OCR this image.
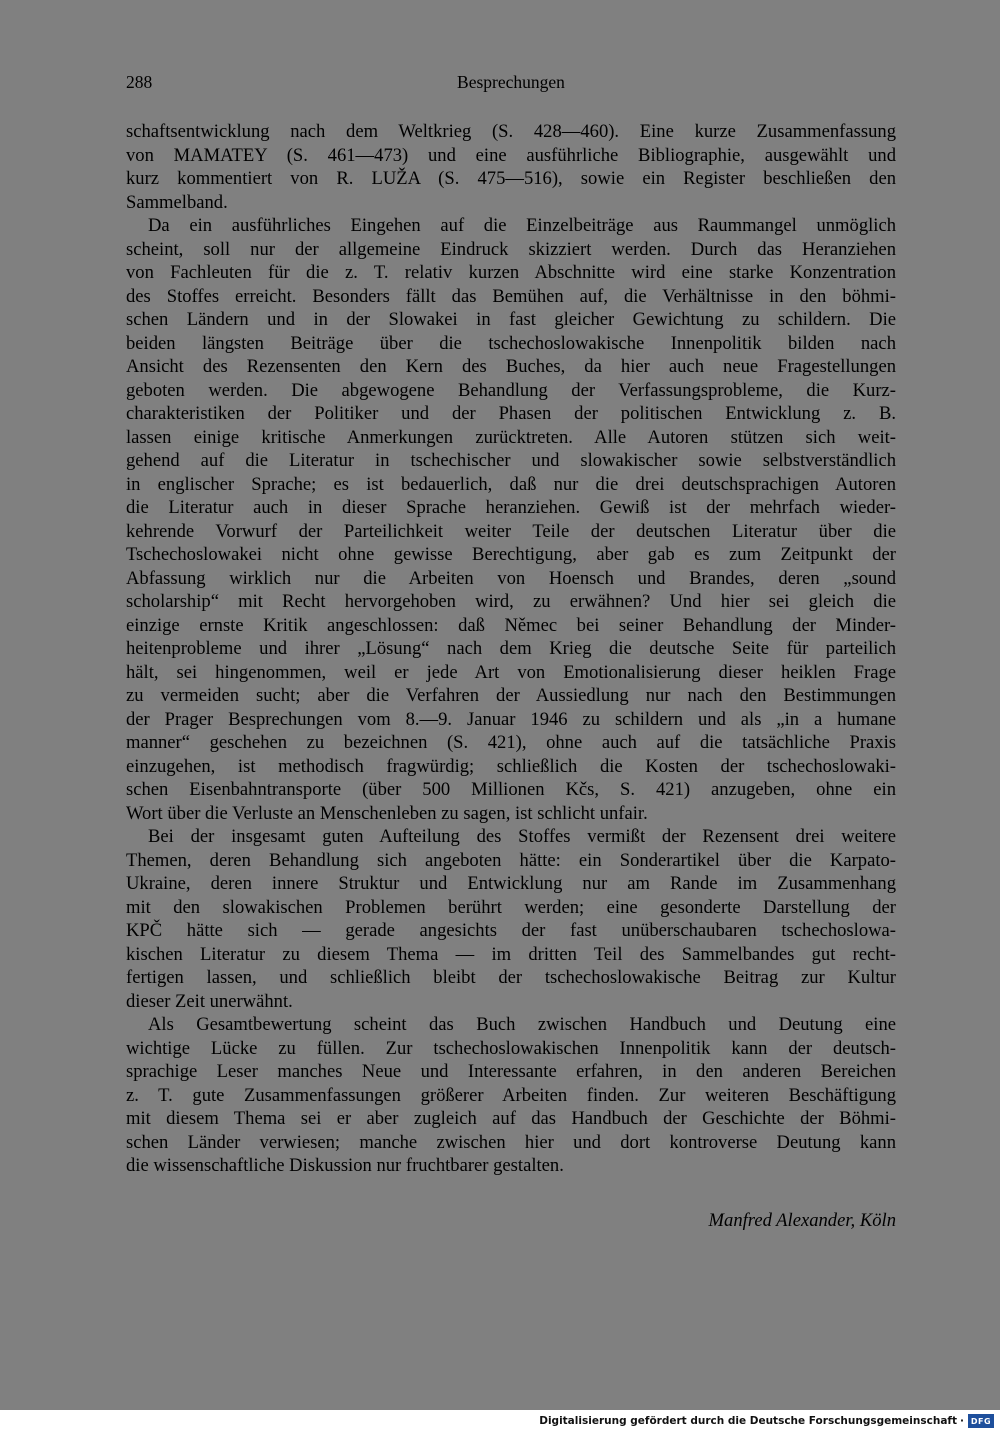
288	Besprechungen
schaftsentwicklung nach dem Weltkrieg (S. 428—460). Eine kurze Zusammenfassung
von MAMATEY (S. 461—473) und eine ausführliche Bibliographie, ausgewählt und
kurz kommentiert von R. LUŽA (S. 475—516), sowie ein Register beschließen den
Sammelband.
Da ein ausführliches Eingehen auf die Einzelbeiträge aus Raummangel unmöglich
scheint, soll nur der allgemeine Eindruck skizziert werden. Durch das Heranziehen
von Fachleuten für die z. T. relativ kurzen Abschnitte wird eine starke Konzentration
des Stoffes erreicht. Besonders fällt das Bemühen auf, die Verhältnisse in den böhmi-
schen Ländern und in der Slowakei in fast gleicher Gewichtung zu schildern. Die
beiden längsten Beiträge über die tschechoslowakische Innenpolitik bilden nach
Ansicht des Rezensenten den Kern des Buches, da hier auch neue Fragestellungen
geboten werden. Die abgewogene Behandlung der Verfassungsprobleme, die Kurz-
charakteristiken der Politiker und der Phasen der politischen Entwicklung z. B.
lassen einige kritische Anmerkungen zurücktreten. Alle Autoren stützen sich weit-
gehend auf die Literatur in tschechischer und slowakischer sowie selbstverständlich
in englischer Sprache; es ist bedauerlich, daß nur die drei deutschsprachigen Autoren
die Literatur auch in dieser Sprache heranziehen. Gewiß ist der mehrfach wieder-
kehrende Vorwurf der Parteilichkeit weiter Teile der deutschen Literatur über die
Tschechoslowakei nicht ohne gewisse Berechtigung, aber gab es zum Zeitpunkt der
Abfassung wirklich nur die Arbeiten von Hoensch und Brandes, deren „sound
scholarship“ mit Recht hervorgehoben wird, zu erwähnen? Und hier sei gleich die
einzige ernste Kritik angeschlossen: daß Němec bei seiner Behandlung der Minder-
heitenprobleme und ihrer „Lösung“ nach dem Krieg die deutsche Seite für parteilich
hält, sei hingenommen, weil er jede Art von Emotionalisierung dieser heiklen Frage
zu vermeiden sucht; aber die Verfahren der Aussiedlung nur nach den Bestimmungen
der Prager Besprechungen vom 8.—9. Januar 1946 zu schildern und als „in a humane
manner“ geschehen zu bezeichnen (S. 421), ohne auch auf die tatsächliche Praxis
einzugehen, ist methodisch fragwürdig; schließlich die Kosten der tschechoslowaki-
schen Eisenbahntransporte (über 500 Millionen Kčs, S. 421) anzugeben, ohne ein
Wort über die Verluste an Menschenleben zu sagen, ist schlicht unfair.
Bei der insgesamt guten Aufteilung des Stoffes vermißt der Rezensent drei weitere
Themen, deren Behandlung sich angeboten hätte: ein Sonderartikel über die Karpato-
Ukraine, deren innere Struktur und Entwicklung nur am Rande im Zusammenhang
mit den slowakischen Problemen berührt werden; eine gesonderte Darstellung der
KPČ hätte sich — gerade angesichts der fast unüberschaubaren tschechoslowa-
kischen Literatur zu diesem Thema — im dritten Teil des Sammelbandes gut recht-
fertigen lassen, und schließlich bleibt der tschechoslowakische Beitrag zur Kultur
dieser Zeit unerwähnt.
Als Gesamtbewertung scheint das Buch zwischen Handbuch und Deutung eine
wichtige Lücke zu füllen. Zur tschechoslowakischen Innenpolitik kann der deutsch-
sprachige Leser manches Neue und Interessante erfahren, in den anderen Bereichen
z. T. gute Zusammenfassungen größerer Arbeiten finden. Zur weiteren Beschäftigung
mit diesem Thema sei er aber zugleich auf das Handbuch der Geschichte der Böhmi-
schen Länder verwiesen; manche zwischen hier und dort kontroverse Deutung kann
die wissenschaftliche Diskussion nur fruchtbarer gestalten.
Manfred Alexander, Köln
Digitalisierung gefördert durch die Deutsche Forschungsgemeinschaft · DFG
